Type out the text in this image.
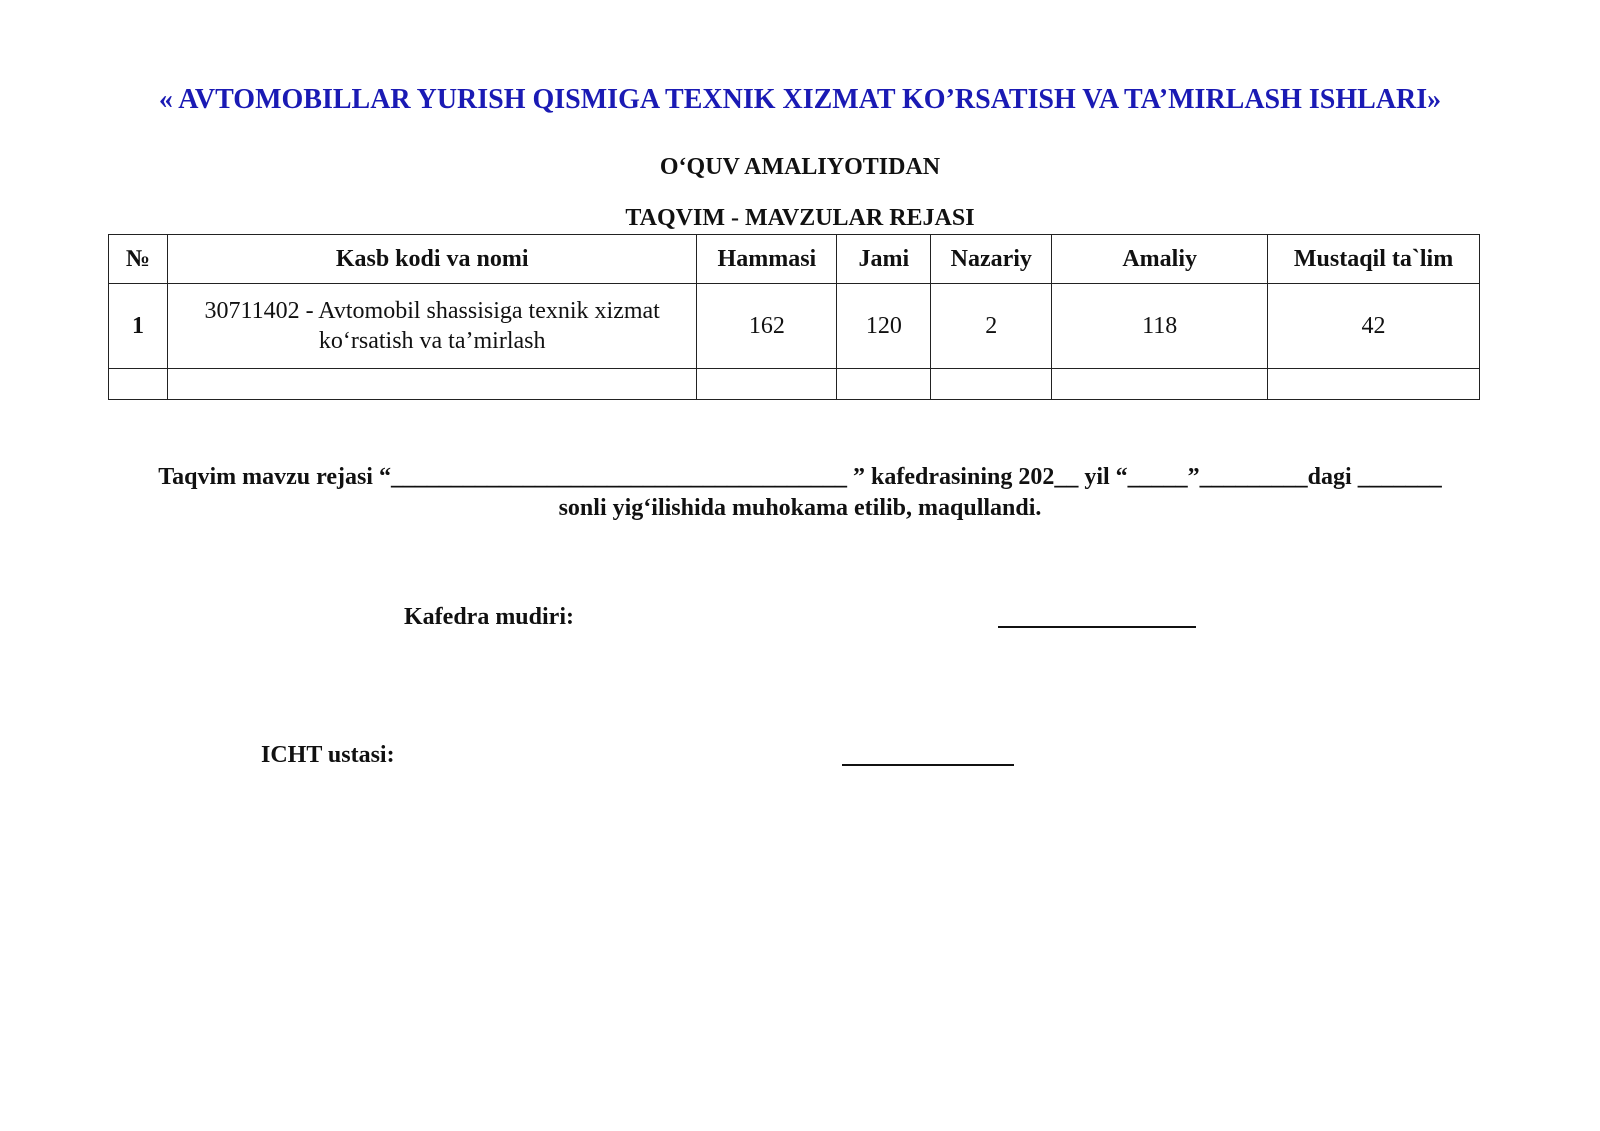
« AVTOMOBILLAR YURISH QISMIGA TEXNIK XIZMAT KO’RSATISH VA TA’MIRLASH ISHLARI»
O‘QUV AMALIYOTIDAN
TAQVIM - MAVZULAR REJASI
№	Kasb kodi va nomi	Hammasi	Jami	Nazariy	Amaliy	Mustaqil ta`lim
1	30711402 - Avtomobil shassisiga texnik xizmat ko‘rsatish va ta’mirlash	162	120	2	118	42

Taqvim mavzu rejasi “______________________________________ ” kafedrasining 202__ yil “_____”_________dagi _______ sonli yig‘ilishida muhokama etilib, maqullandi.
Kafedra mudiri:
ICHT ustasi:
